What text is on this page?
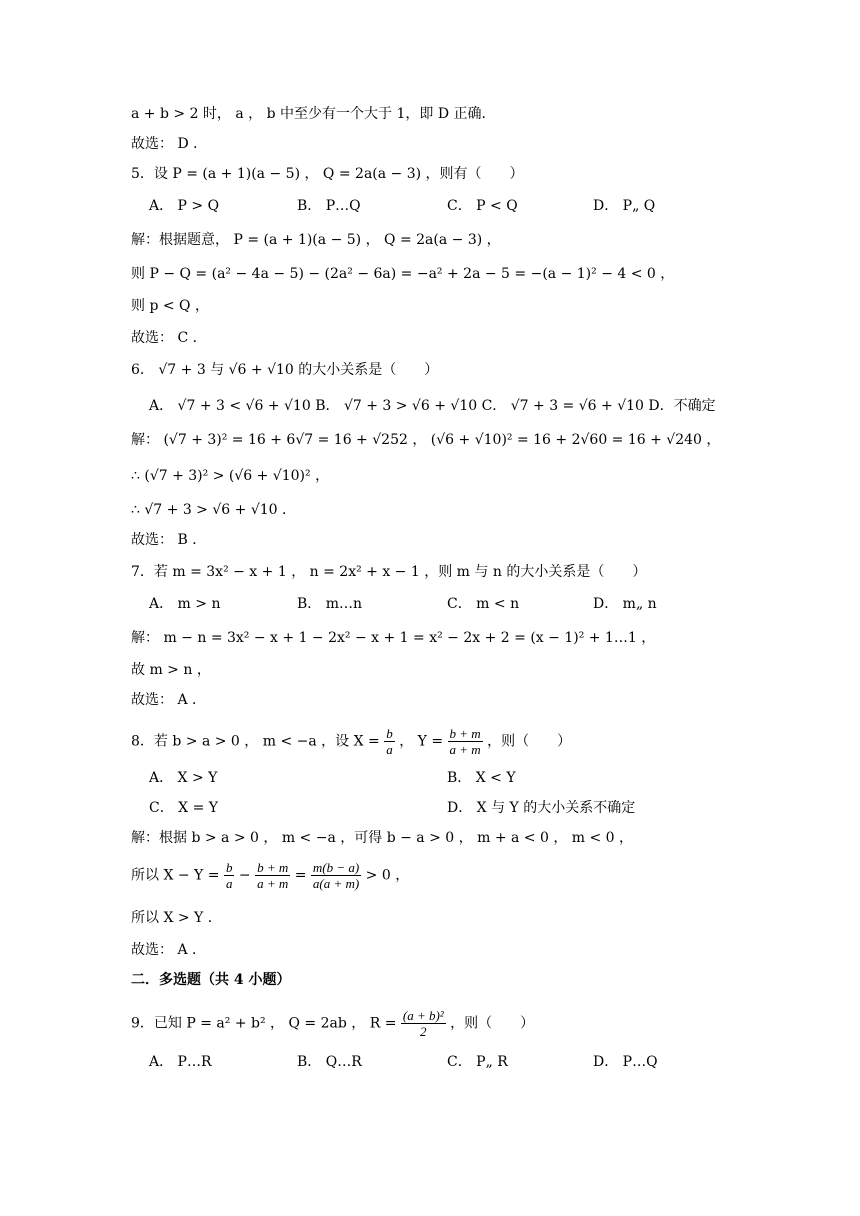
a + b > 2 时， a ， b 中至少有一个大于 1，即 D 正确．
故选： D ．
5．设 P = (a + 1)(a − 5) ， Q = 2a(a − 3) ，则有（　　）
A． P > Q	B． P…Q	C． P < Q	D． P„ Q
解：根据题意， P = (a + 1)(a − 5) ， Q = 2a(a − 3) ，
则 P − Q = (a² − 4a − 5) − (2a² − 6a) = −a² + 2a − 5 = −(a − 1)² − 4 < 0 ，
则 p < Q ，
故选： C ．
6． √7 + 3 与 √6 + √10 的大小关系是（　　）
A． √7 + 3 < √6 + √10 B． √7 + 3 > √6 + √10 C． √7 + 3 = √6 + √10 D．不确定
解： (√7 + 3)² = 16 + 6√7 = 16 + √252 ， (√6 + √10)² = 16 + 2√60 = 16 + √240 ，
∴ (√7 + 3)² > (√6 + √10)² ，
∴ √7 + 3 > √6 + √10 ．
故选： B ．
7．若 m = 3x² − x + 1 ， n = 2x² + x − 1 ，则 m 与 n 的大小关系是（　　）
A． m > n	B． m…n	C． m < n	D． m„ n
解： m − n = 3x² − x + 1 − 2x² − x + 1 = x² − 2x + 2 = (x − 1)² + 1…1 ，
故 m > n ，
故选： A ．
8．若 b > a > 0 ， m < −a ，设 $X = \frac{b}{a}$ ， $Y = \frac{b + m}{a + m}$ ，则（　　）
A． X > Y	B． X < Y
C． X = Y	D． X 与 Y 的大小关系不确定
解：根据 b > a > 0 ， m < −a ，可得 b − a > 0 ， m + a < 0 ， m < 0 ，
所以 $X - Y = \frac{b}{a} - \frac{b + m}{a + m} = \frac{m(b - a)}{a(a + m)} > 0$ ，
所以 X > Y ．
故选： A ．
二．多选题（共 4 小题）
9．已知 P = a² + b² ， Q = 2ab ， $R = \frac{\text{(a + b)²}}{2}$ ，则（　　）
A． P…R	B． Q…R	C． P„ R	D． P…Q
